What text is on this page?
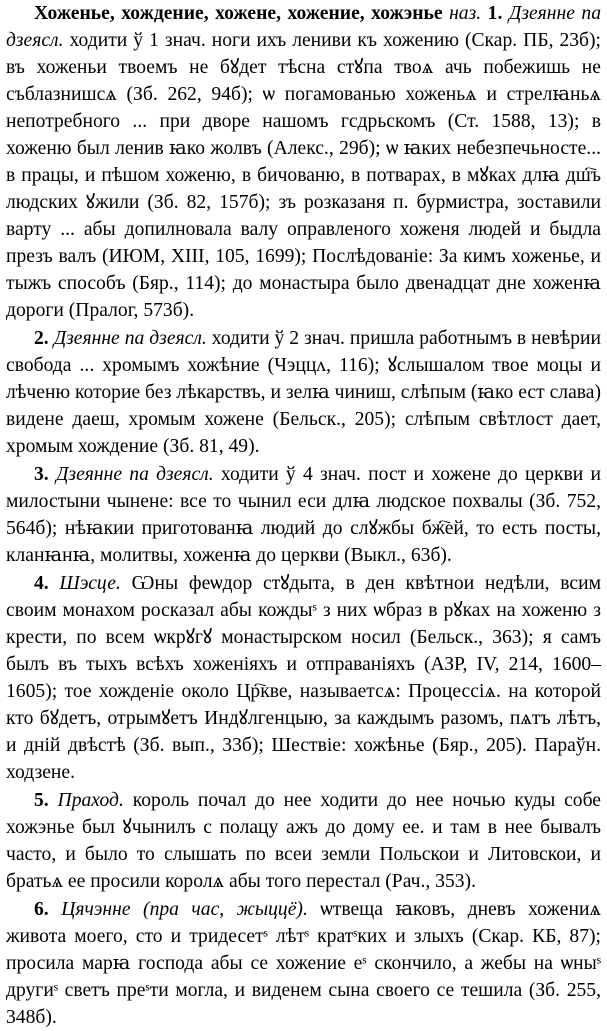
Хоженье, хождение, хожене, хожение, хожэнье наз. 1. Дзеянне па дзеясл. ходити ў 1 знач. ноги ихъ лениви къ хожению (Скар. ПБ, 23б); въ хоженьи твоемъ не бꙋдет тѣсна стꙋпа твоѧ ачь побежишь не съблазнишсѧ (Зб. 262, 94б); ѡ погамованью хоженьѧ и стрелꙗньѧ непотребного ... при дворе нашомъ гсдрьскомъ (Ст. 1588, 13); в хоженю был ленив ꙗко жолвъ (Алекс., 29б); ѡ ꙗких небезпечьносте... в працы, и пѣшом хоженю, в бичованю, в потварах, в мꙋках длꙗ дш҇ъ людских ꙋжили (Зб. 82, 157б); зъ розказаня п. бурмистра, зоставили варту ... абы допилновала валу оправленого хоженя людей и быдла презъ валъ (ИЮМ, XIII, 105, 1699); Послѣдованіе: За кимъ хоженье, и тыжъ способъ (Бяр., 114); до монастыра было двенадцат дне хоженꙗ дороги (Пралог, 573б).

2. Дзеянне па дзеясл. ходити ў 2 знач. пришла работнымъ в невѣрии свобода ... хромымъ хожѣние (Чэццᴧ, 116); ꙋслышалом твое моцы и лѣченю которие без лѣкарствъ, и зелꙗ чиниш, слѣпым (ꙗко ест слава) видене даеш, хромым хожене (Бельск., 205); слѣпым свѣтлост дает, хромым хождение (Зб. 81, 49).

3. Дзеянне па дзеясл. ходити ў 4 знач. пост и хожене до церкви и милостыни чынене: все то чынил еси длꙗ людское похвалы (Зб. 752, 564б); нѣꙗкии приготованꙗ людий до слꙋжбы бж҇ей, то есть посты, кланꙗнꙗ, молитвы, хоженꙗ до церкви (Выкл., 63б).

4. Шэсце. Ѡны феѡдор стꙋдыта, в ден квѣтнои недѣли, всим своим монахом росказал абы кождыˢ з них ѡбраз в рꙋках на хоженю з крести, по всем ѡкрꙋгꙋ монастырском носил (Бельск., 363); я самъ былъ въ тыхъ всѣхъ хоженіяхъ и отправаніяхъ (АЗР, IV, 214, 1600–1605); тое хожденіе около Цр҇кве, называетсѧ: Процессіѧ. на которой кто бꙋдетъ, отрымꙋетъ Индꙋлгенцыю, за каждымъ разомъ, пѧтъ лѣтъ, и дній двѣстѣ (Зб. вып., 33б); Шествіе: хожѣнье (Бяр., 205). Параўн. ходзене.

5. Праход. король почал до нее ходити до нее ночью куды собе хожэнье был ꙋчынилъ с полацу ажъ до дому ее. и там в нее бывалъ часто, и было то слышать по всеи земли Польскои и Литовскои, и братьѧ ее просили королѧ абы того перестал (Рач., 353).

6. Цячэнне (пра час, жыццё). ѡтвеща ꙗковъ, дневъ хожениѧ живота моего, сто и тридесетˢ лѣтˢ кратˢких и злыхъ (Скар. КБ, 87); просила марꙗ господа абы се хожение еˢ скончило, а жебы на ѡныˢ другиˢ светъ преˢти могла, и виденем сына своего се тешила (Зб. 255, 348б).
